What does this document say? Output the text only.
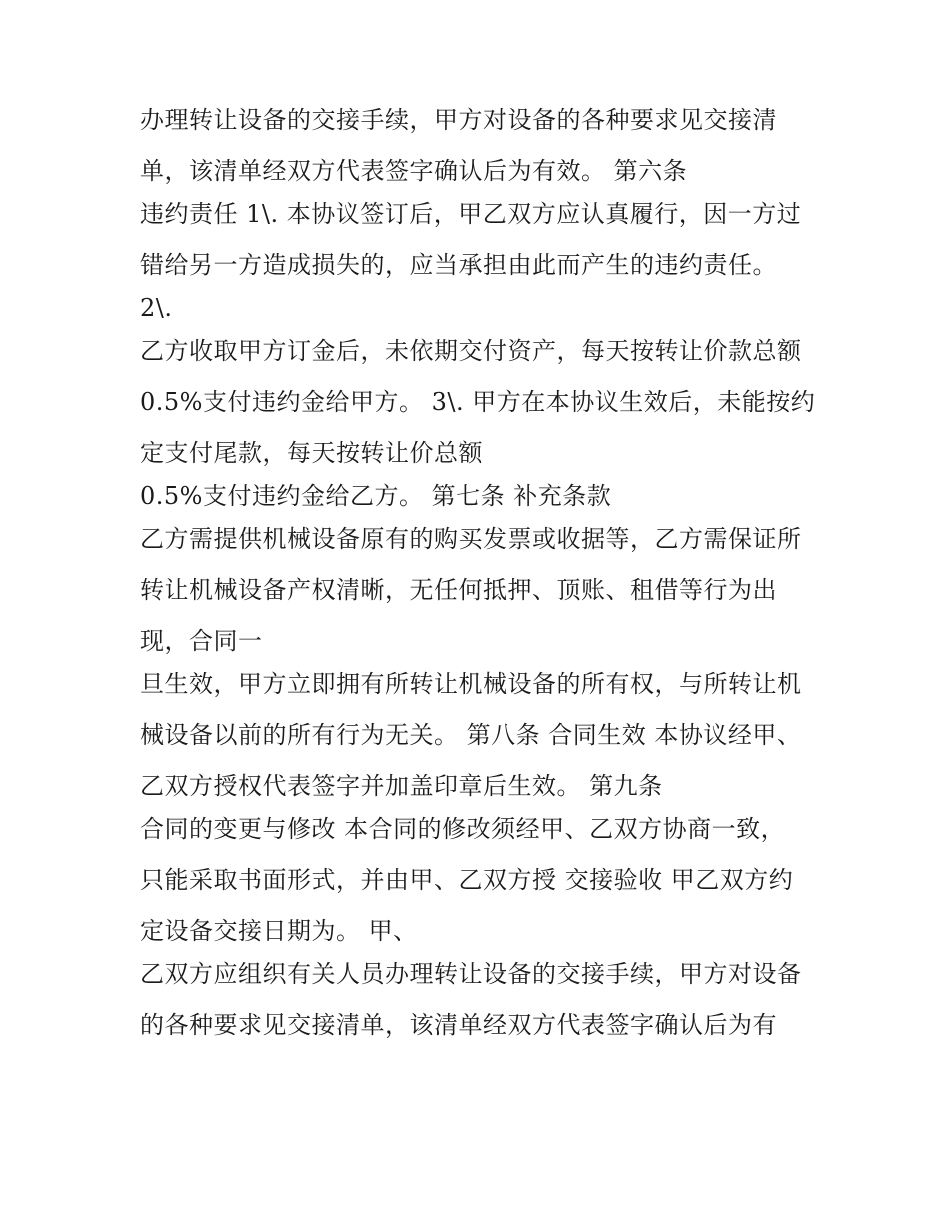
办理转让设备的交接手续，甲方对设备的各种要求见交接清
单，该清单经双方代表签字确认后为有效。 第六条
违约责任 1\. 本协议签订后，甲乙双方应认真履行，因一方过
错给另一方造成损失的，应当承担由此而产生的违约责任。
2\.
乙方收取甲方订金后，未依期交付资产，每天按转让价款总额
0.5%支付违约金给甲方。 3\. 甲方在本协议生效后，未能按约
定支付尾款，每天按转让价总额
0.5%支付违约金给乙方。 第七条 补充条款
乙方需提供机械设备原有的购买发票或收据等，乙方需保证所
转让机械设备产权清晰，无任何抵押、顶账、租借等行为出
现，合同一
旦生效，甲方立即拥有所转让机械设备的所有权，与所转让机
械设备以前的所有行为无关。 第八条 合同生效 本协议经甲、
乙双方授权代表签字并加盖印章后生效。 第九条
合同的变更与修改 本合同的修改须经甲、乙双方协商一致，
只能采取书面形式，并由甲、乙双方授 交接验收 甲乙双方约
定设备交接日期为。 甲、
乙双方应组织有关人员办理转让设备的交接手续，甲方对设备
的各种要求见交接清单，该清单经双方代表签字确认后为有
